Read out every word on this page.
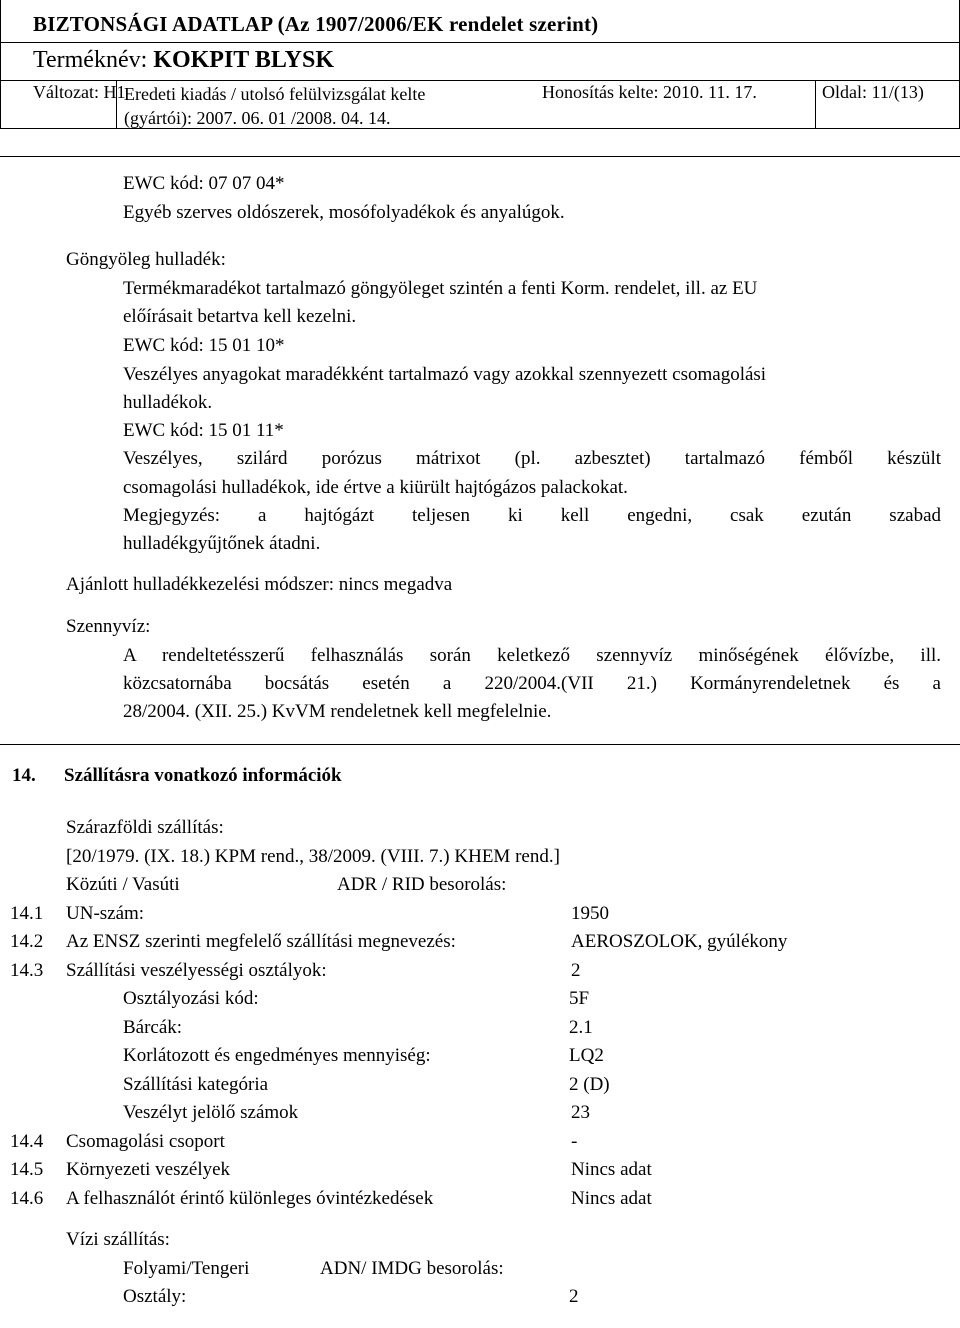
BIZTONSÁGI ADATLAP (Az 1907/2006/EK rendelet szerint)
Terméknév: KOKPIT BLYSK
Változat: H1
Eredeti kiadás / utolsó felülvizsgálat kelte
(gyártói): 2007. 06. 01 /2008. 04. 14.
Honosítás kelte: 2010. 11. 17.	Oldal: 11/(13)
EWC kód: 07 07 04*
Egyéb szerves oldószerek, mosófolyadékok és anyalúgok.
Göngyöleg hulladék:
Termékmaradékot tartalmazó göngyöleget szintén a fenti Korm. rendelet, ill. az EU
előírásait betartva kell kezelni.
EWC kód: 15 01 10*
Veszélyes anyagokat maradékként tartalmazó vagy azokkal szennyezett csomagolási
hulladékok.
EWC kód: 15 01 11*
Veszélyes, szilárd porózus mátrixot (pl. azbesztet) tartalmazó fémből készült
csomagolási hulladékok, ide értve a kiürült hajtógázos palackokat.
Megjegyzés: a hajtógázt teljesen ki kell engedni, csak ezután szabad
hulladékgyűjtőnek átadni.
Ajánlott hulladékkezelési módszer: nincs megadva
Szennyvíz:
A rendeltetésszerű felhasználás során keletkező szennyvíz minőségének élővízbe, ill.
közcsatornába bocsátás esetén a 220/2004.(VII 21.) Kormányrendeletnek és a
28/2004. (XII. 25.) KvVM rendeletnek kell megfelelnie.
14. Szállításra vonatkozó információk
Szárazföldi szállítás:
[20/1979. (IX. 18.) KPM rend., 38/2009. (VIII. 7.) KHEM rend.]
Közúti / Vasúti	ADR / RID besorolás:
14.1 UN-szám:	1950
14.2 Az ENSZ szerinti megfelelő szállítási megnevezés:	AEROSZOLOK, gyúlékony
14.3 Szállítási veszélyességi osztályok:	2
Osztályozási kód:	5F
Bárcák:	2.1
Korlátozott és engedményes mennyiség:	LQ2
Szállítási kategória	2 (D)
Veszélyt jelölő számok	23
14.4 Csomagolási csoport	-
14.5 Környezeti veszélyek	Nincs adat
14.6 A felhasználót érintő különleges óvintézkedések	Nincs adat
Vízi szállítás:
Folyami/Tengeri	ADN/ IMDG besorolás:
Osztály:	2
